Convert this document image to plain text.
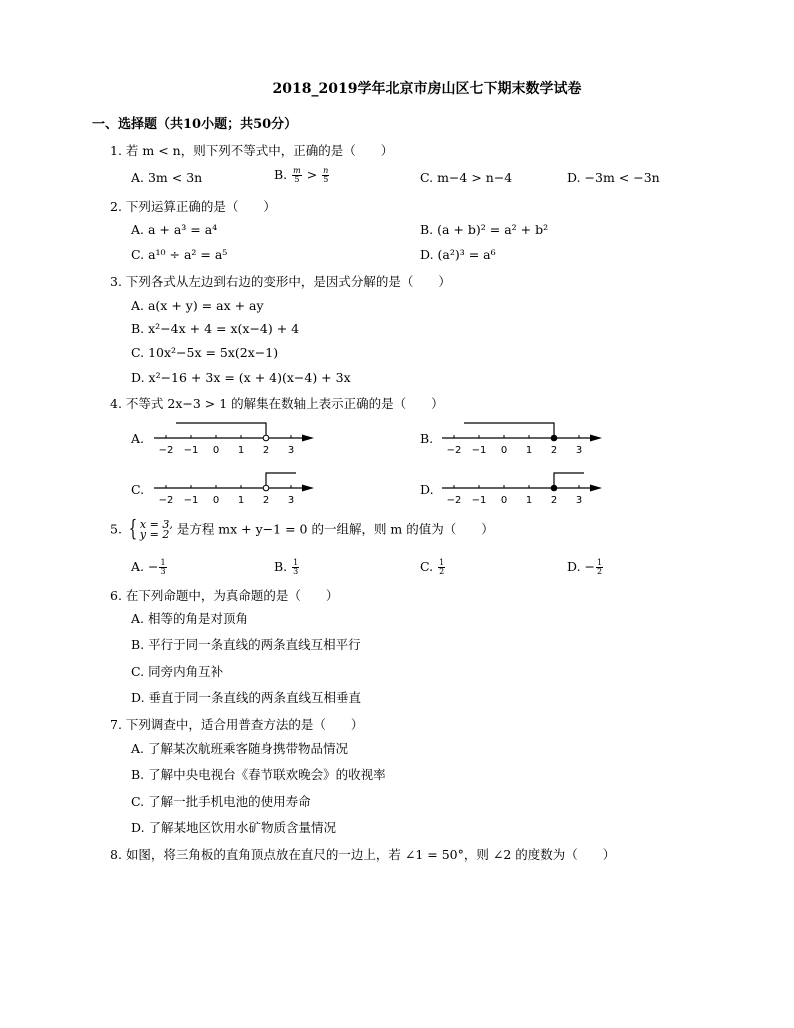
2018_2019学年北京市房山区七下期末数学试卷
一、选择题（共10小题；共50分）
1. 若 m < n，则下列不等式中，正确的是（　　）
A. 3m < 3n	B. $\frac{m}{5} > \frac{n}{5}$	C. m−4 > n−4	D. −3m < −3n
2. 下列运算正确的是（　　）
A. a + a³ = a⁴	B. (a + b)² = a² + b²
C. a¹⁰ ÷ a² = a⁵	D. (a²)³ = a⁶
3. 下列各式从左边到右边的变形中，是因式分解的是（　　）
A. a(x + y) = ax + ay
B. x²−4x + 4 = x(x−4) + 4
C. 10x²−5x = 5x(2x−1)
D. x²−16 + 3x = (x + 4)(x−4) + 3x
4. 不等式 2x−3 > 1 的解集在数轴上表示正确的是（　　）
A.	B.
C.	D.
−2 −1 0 1 2 3	−2 −1 0 1 2 3
−2 −1 0 1 2 3	−2 −1 0 1 2 3
5. { x = 3,
y = 2 是方程 mx + y−1 = 0 的一组解，则 m 的值为（　　）
A. − $\frac{1}{3}$	B. $\frac{1}{3}$	C. $\frac{1}{2}$	D. − $\frac{1}{2}$
6. 在下列命题中，为真命题的是（　　）
A. 相等的角是对顶角
B. 平行于同一条直线的两条直线互相平行
C. 同旁内角互补
D. 垂直于同一条直线的两条直线互相垂直
7. 下列调查中，适合用普查方法的是（　　）
A. 了解某次航班乘客随身携带物品情况
B. 了解中央电视台《春节联欢晚会》的收视率
C. 了解一批手机电池的使用寿命
D. 了解某地区饮用水矿物质含量情况
8. 如图，将三角板的直角顶点放在直尺的一边上，若 ∠1 = 50°，则 ∠2 的度数为（　　）
